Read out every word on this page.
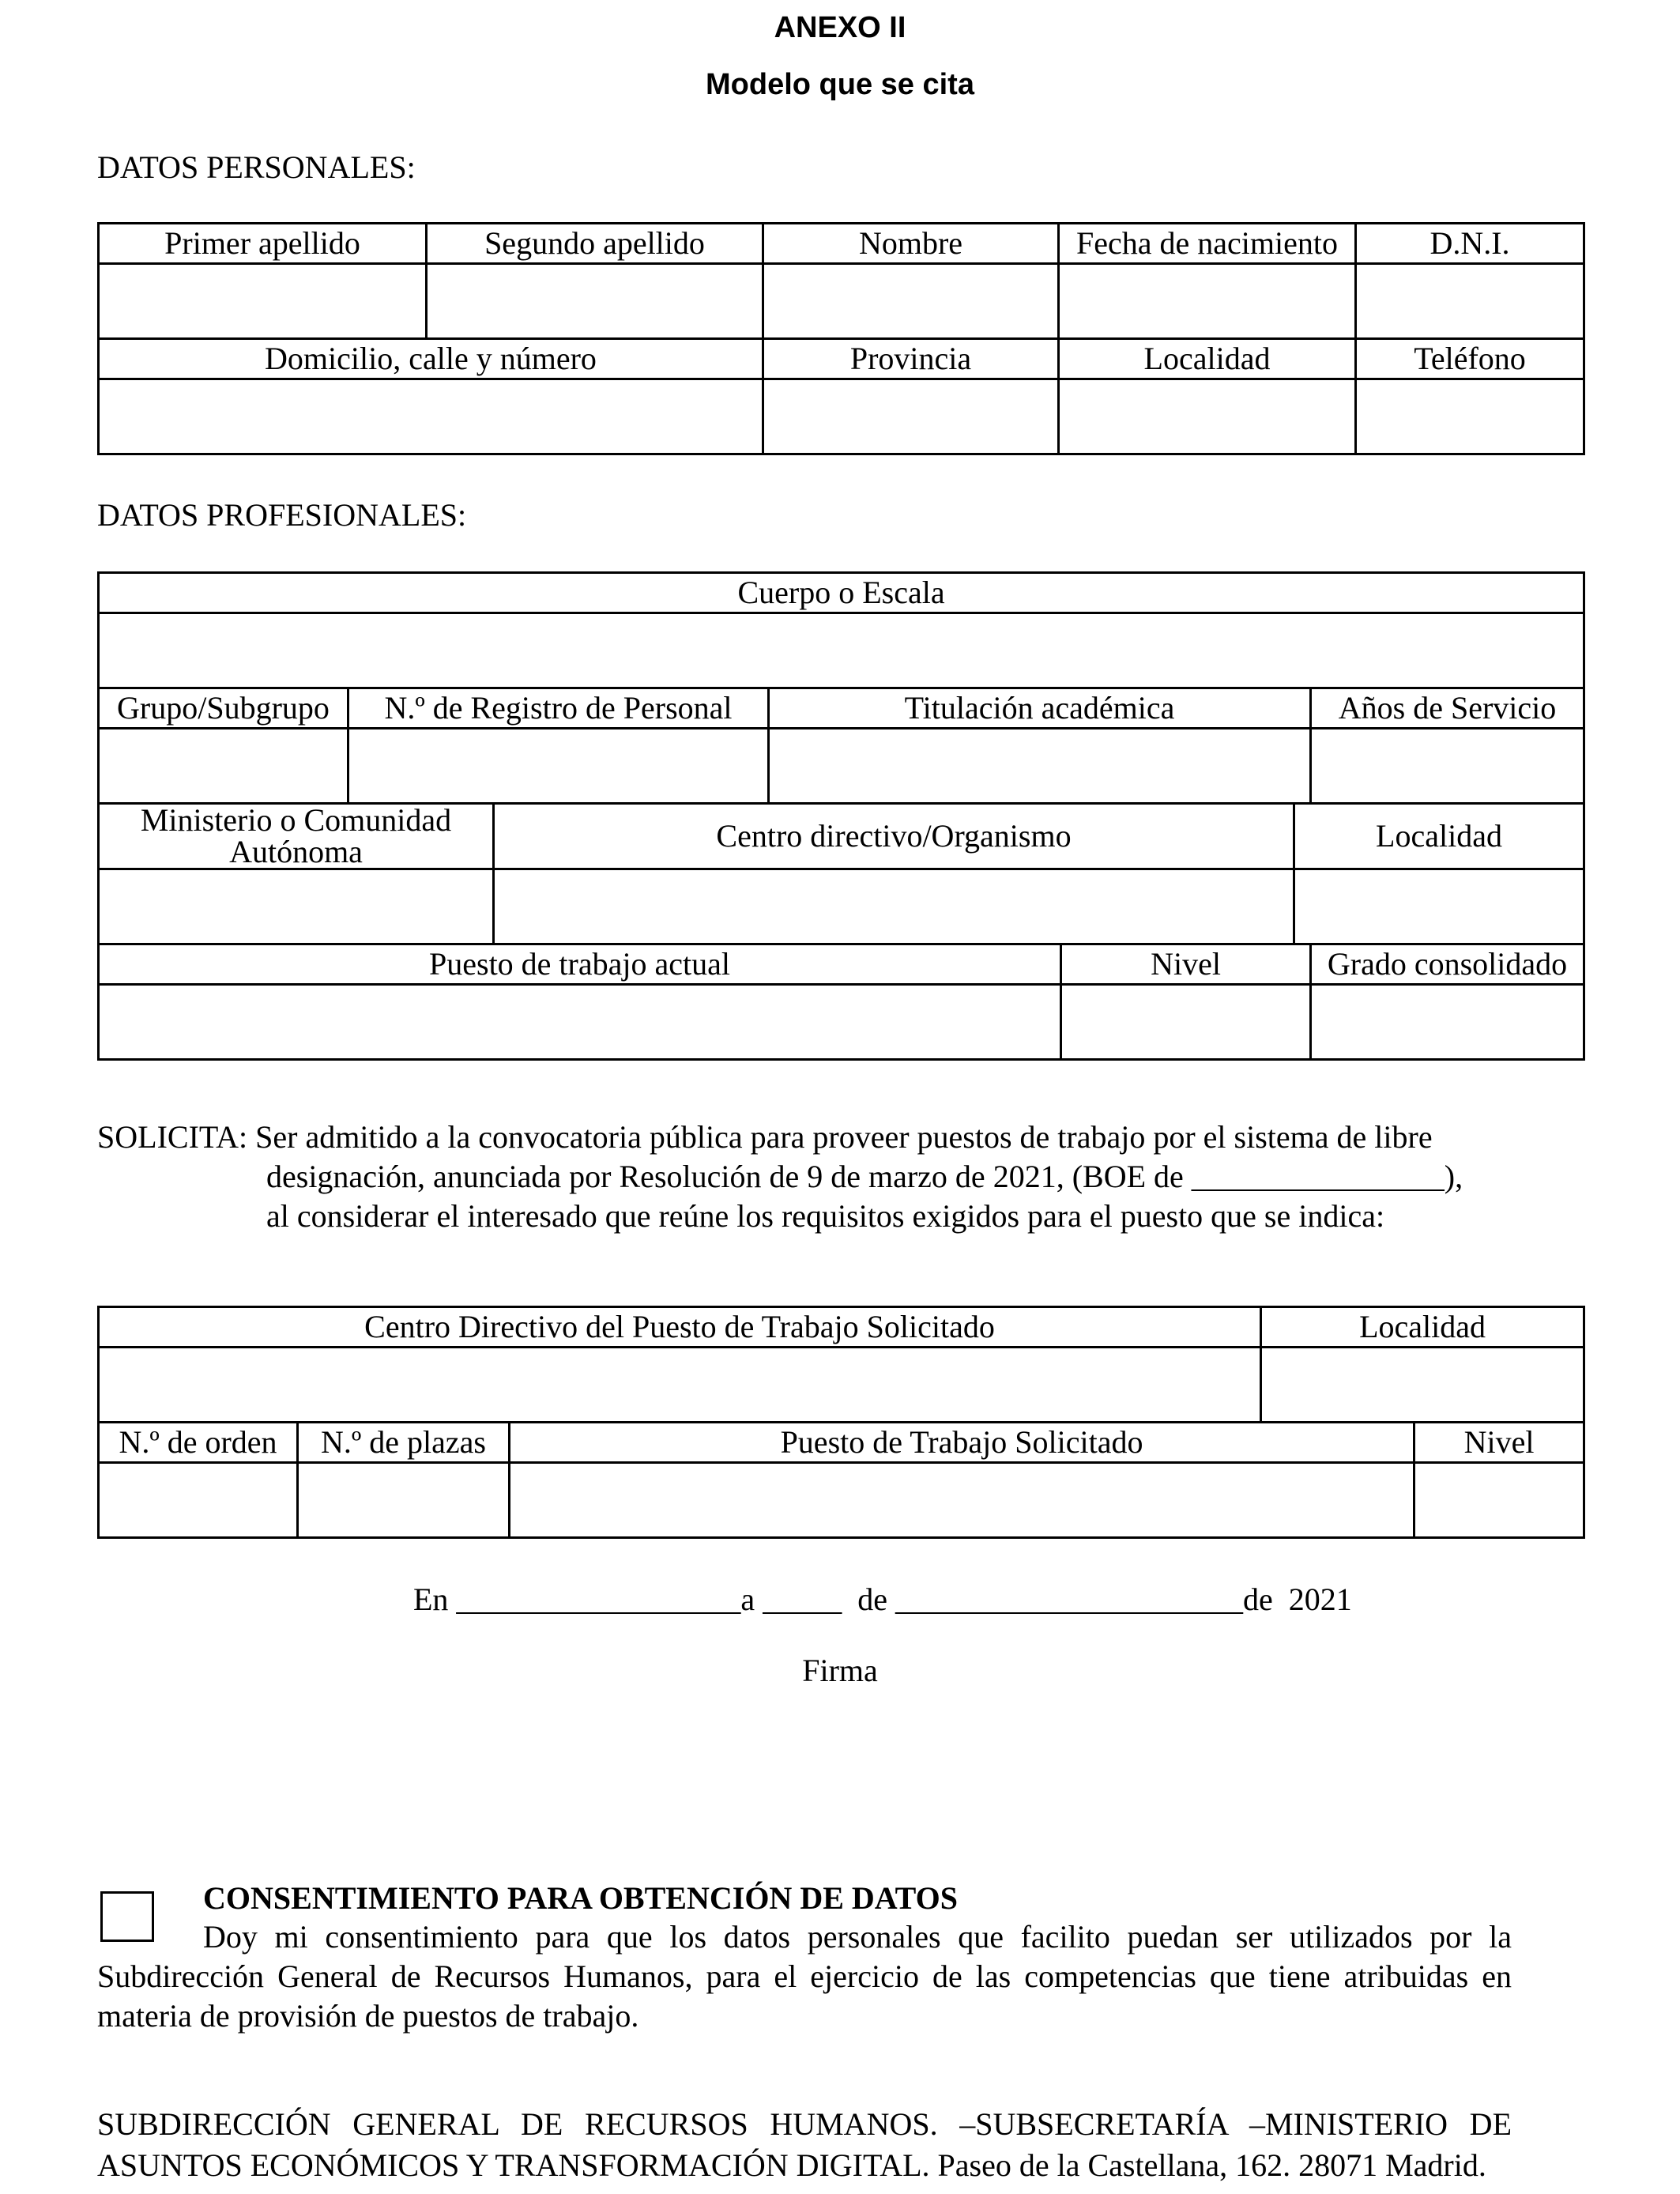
ANEXO II
Modelo que se cita
DATOS PERSONALES:
Primer apellido	Segundo apellido	Nombre	Fecha de nacimiento	D.N.I.

Domicilio, calle y número		Provincia	Localidad	Teléfono

DATOS PROFESIONALES:
Cuerpo o Escala						

Grupo/Subgrupo	N.º de Registro de Personal		Titulación académica			Años de Servicio

Ministerio o Comunidad Autónoma		Centro directivo/Organismo			Localidad	

Puesto de trabajo actual				Nivel		Grado consolidado

SOLICITA: Ser admitido a la convocatoria pública para proveer puestos de trabajo por el sistema de libre
designación, anunciada por Resolución de 9 de marzo de 2021, (BOE de ________________),
al considerar el interesado que reúne los requisitos exigidos para el puesto que se indica:
Centro Directivo del Puesto de Trabajo Solicitado			Localidad	

N.º de orden	N.º de plazas	Puesto de Trabajo Solicitado		Nivel

En __________________a _____  de ______________________de  2021
Firma
CONSENTIMIENTO PARA OBTENCIÓN DE DATOS
Doy mi consentimiento para que los datos personales que facilito puedan ser utilizados por la Subdirección General de Recursos Humanos, para el ejercicio de las competencias que tiene atribuidas en materia de provisión de puestos de trabajo.
SUBDIRECCIÓN GENERAL DE RECURSOS HUMANOS. –SUBSECRETARÍA –MINISTERIO DE ASUNTOS ECONÓMICOS Y TRANSFORMACIÓN DIGITAL. Paseo de la Castellana, 162. 28071 Madrid.
